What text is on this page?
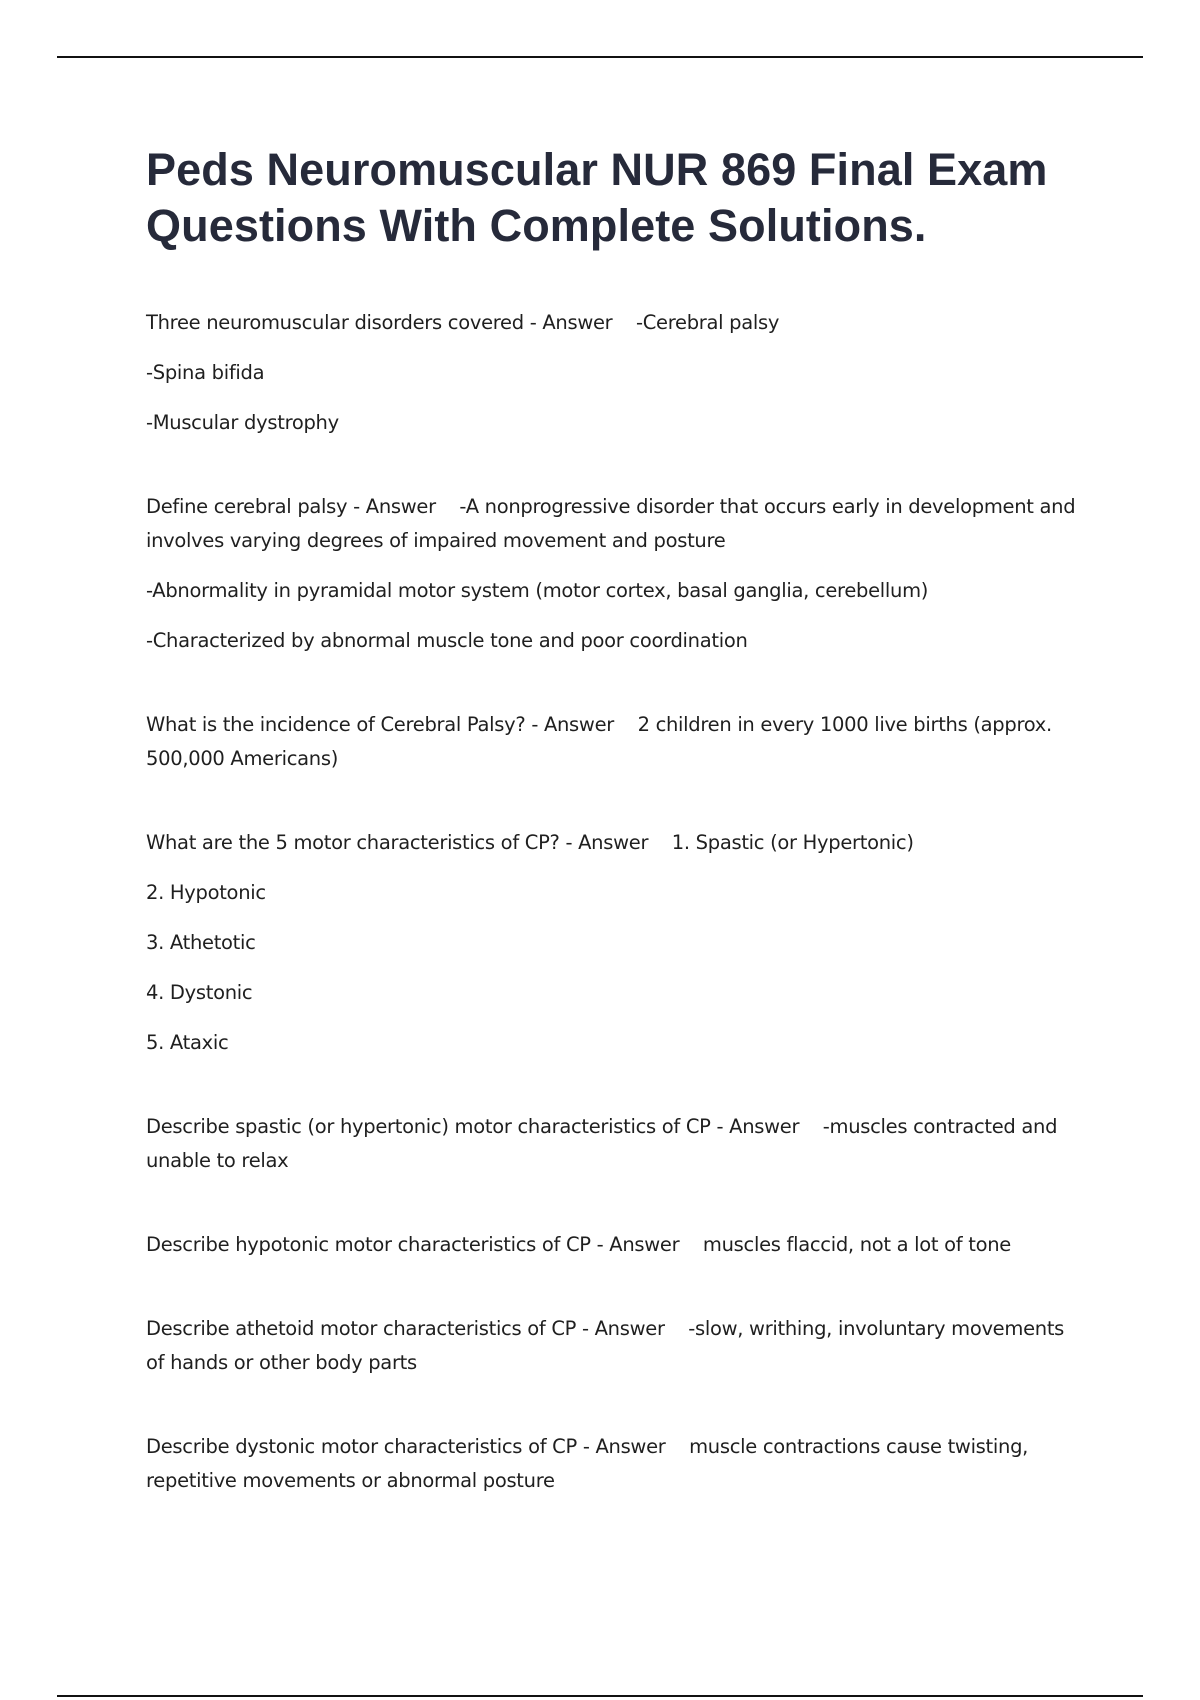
Peds Neuromuscular NUR 869 Final Exam Questions With Complete Solutions.

Three neuromuscular disorders covered - Answer    -Cerebral palsy

-Spina bifida

-Muscular dystrophy

Define cerebral palsy - Answer    -A nonprogressive disorder that occurs early in development and involves varying degrees of impaired movement and posture

-Abnormality in pyramidal motor system (motor cortex, basal ganglia, cerebellum)

-Characterized by abnormal muscle tone and poor coordination

What is the incidence of Cerebral Palsy? - Answer    2 children in every 1000 live births (approx. 500,000 Americans)

What are the 5 motor characteristics of CP? - Answer    1. Spastic (or Hypertonic)

2. Hypotonic

3. Athetotic

4. Dystonic

5. Ataxic

Describe spastic (or hypertonic) motor characteristics of CP - Answer    -muscles contracted and unable to relax

Describe hypotonic motor characteristics of CP - Answer    muscles flaccid, not a lot of tone

Describe athetoid motor characteristics of CP - Answer    -slow, writhing, involuntary movements of hands or other body parts

Describe dystonic motor characteristics of CP - Answer    muscle contractions cause twisting, repetitive movements or abnormal posture
